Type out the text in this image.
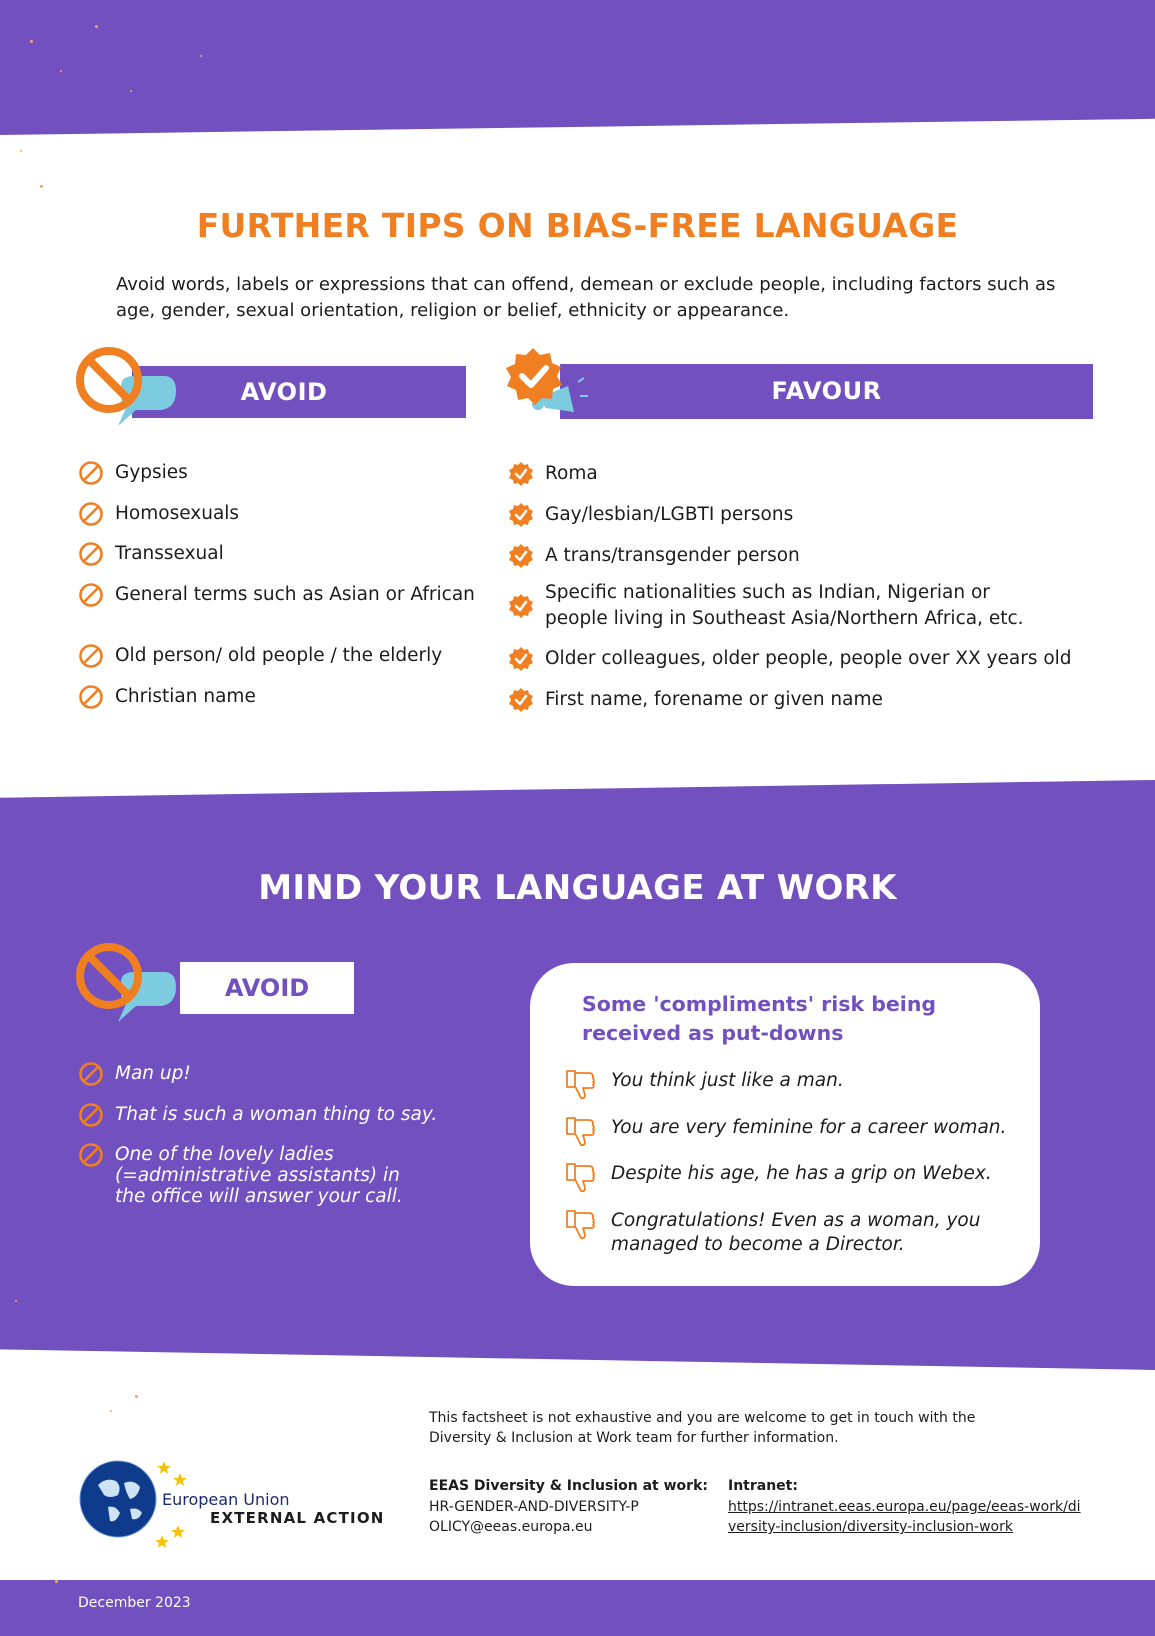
FURTHER TIPS ON BIAS-FREE LANGUAGE
Avoid words, labels or expressions that can offend, demean or exclude people, including factors such as age, gender, sexual orientation, religion or belief, ethnicity or appearance.
AVOID	FAVOUR
Gypsies
Homosexuals
Transsexual
General terms such as Asian or African
Old person/ old people / the elderly
Christian name
Roma
Gay/lesbian/LGBTI persons
A trans/transgender person
Specific nationalities such as Indian, Nigerian or people living in Southeast Asia/Northern Africa, etc.
Older colleagues, older people, people over XX years old
First name, forename or given name
MIND YOUR LANGUAGE AT WORK
AVOID
Man up!
That is such a woman thing to say.
One of the lovely ladies (=administrative assistants) in the office will answer your call.
Some 'compliments' risk being received as put-downs
You think just like a man.
You are very feminine for a career woman.
Despite his age, he has a grip on Webex.
Congratulations! Even as a woman, you managed to become a Director.
This factsheet is not exhaustive and you are welcome to get in touch with the Diversity & Inclusion at Work team for further information.
EEAS Diversity & Inclusion at work:
HR-GENDER-AND-DIVERSITY-POLICY@eeas.europa.eu
Intranet:
https://intranet.eeas.europa.eu/page/eeas-work/diversity-inclusion/diversity-inclusion-work
European Union
EXTERNAL ACTION
December 2023
